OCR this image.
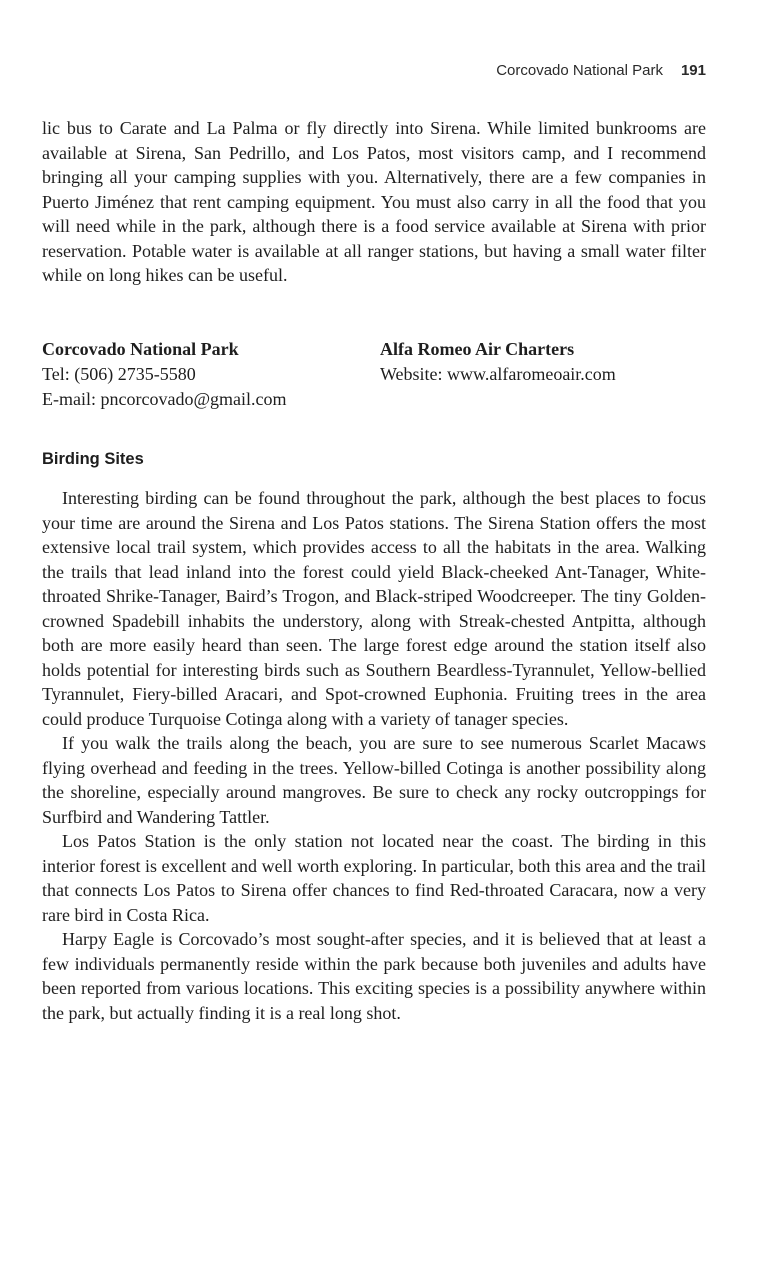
Corcovado National Park 191

lic bus to Carate and La Palma or fly directly into Sirena. While limited bunkrooms are available at Sirena, San Pedrillo, and Los Patos, most visitors camp, and I recommend bringing all your camping supplies with you. Alternatively, there are a few companies in Puerto Jiménez that rent camping equipment. You must also carry in all the food that you will need while in the park, although there is a food service available at Sirena with prior reservation. Potable water is available at all ranger stations, but having a small water filter while on long hikes can be useful.

Corcovado National Park
Tel: (506) 2735-5580
E-mail: pncorcovado@gmail.com
Alfa Romeo Air Charters
Website: www.alfaromeoair.com
Birding Sites

Interesting birding can be found throughout the park, although the best places to focus your time are around the Sirena and Los Patos stations. The Sirena Station offers the most extensive local trail system, which provides access to all the habitats in the area. Walking the trails that lead inland into the forest could yield Black-cheeked Ant-Tanager, White-throated Shrike-Tanager, Baird’s Trogon, and Black-striped Woodcreeper. The tiny Golden-crowned Spadebill inhabits the understory, along with Streak-chested Antpitta, although both are more easily heard than seen. The large forest edge around the station itself also holds potential for interesting birds such as Southern Beardless-Tyrannulet, Yellow-bellied Tyrannulet, Fiery-billed Aracari, and Spot-crowned Euphonia. Fruiting trees in the area could produce Turquoise Cotinga along with a variety of tanager species.

If you walk the trails along the beach, you are sure to see numerous Scarlet Macaws flying overhead and feeding in the trees. Yellow-billed Cotinga is another possibility along the shoreline, especially around mangroves. Be sure to check any rocky outcroppings for Surfbird and Wandering Tattler.

Los Patos Station is the only station not located near the coast. The birding in this interior forest is excellent and well worth exploring. In particular, both this area and the trail that connects Los Patos to Sirena offer chances to find Red-throated Caracara, now a very rare bird in Costa Rica.

Harpy Eagle is Corcovado’s most sought-after species, and it is believed that at least a few individuals permanently reside within the park because both juveniles and adults have been reported from various locations. This exciting species is a possibility anywhere within the park, but actually finding it is a real long shot.
